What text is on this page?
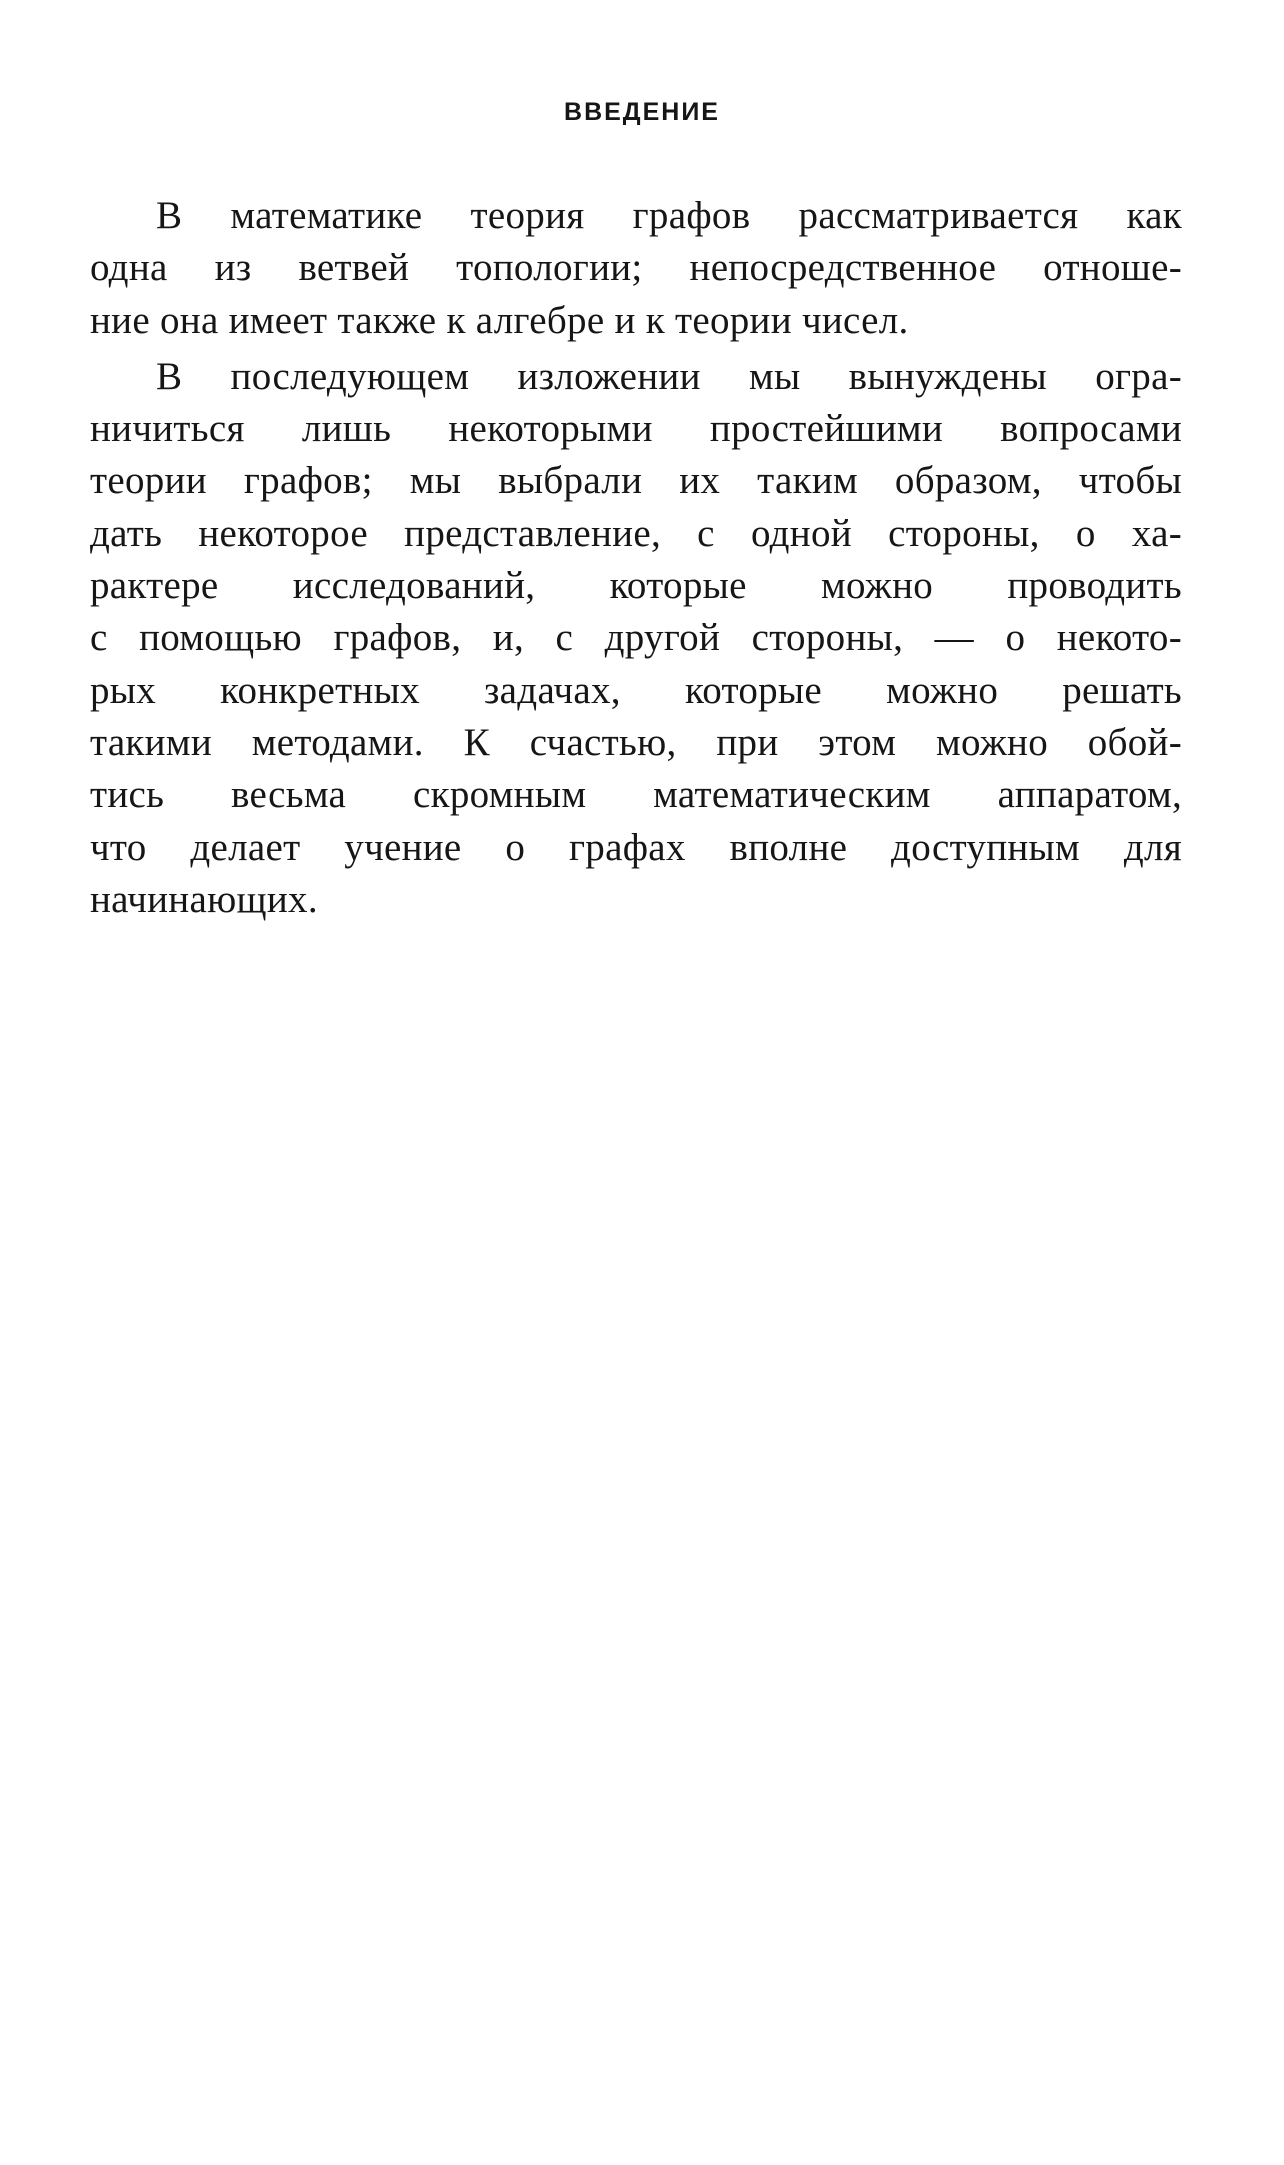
ВВЕДЕНИЕ
В математике теория графов рассматривается как
одна из ветвей топологии; непосредственное отноше-
ние она имеет также к алгебре и к теории чисел.
В последующем изложении мы вынуждены огра-
ничиться лишь некоторыми простейшими вопросами
теории графов; мы выбрали их таким образом, чтобы
дать некоторое представление, с одной стороны, о ха-
рактере исследований, которые можно проводить
с помощью графов, и, с другой стороны, — о некото-
рых конкретных задачах, которые можно решать
такими методами. К счастью, при этом можно обой-
тись весьма скромным математическим аппаратом,
что делает учение о графах вполне доступным для
начинающих.
